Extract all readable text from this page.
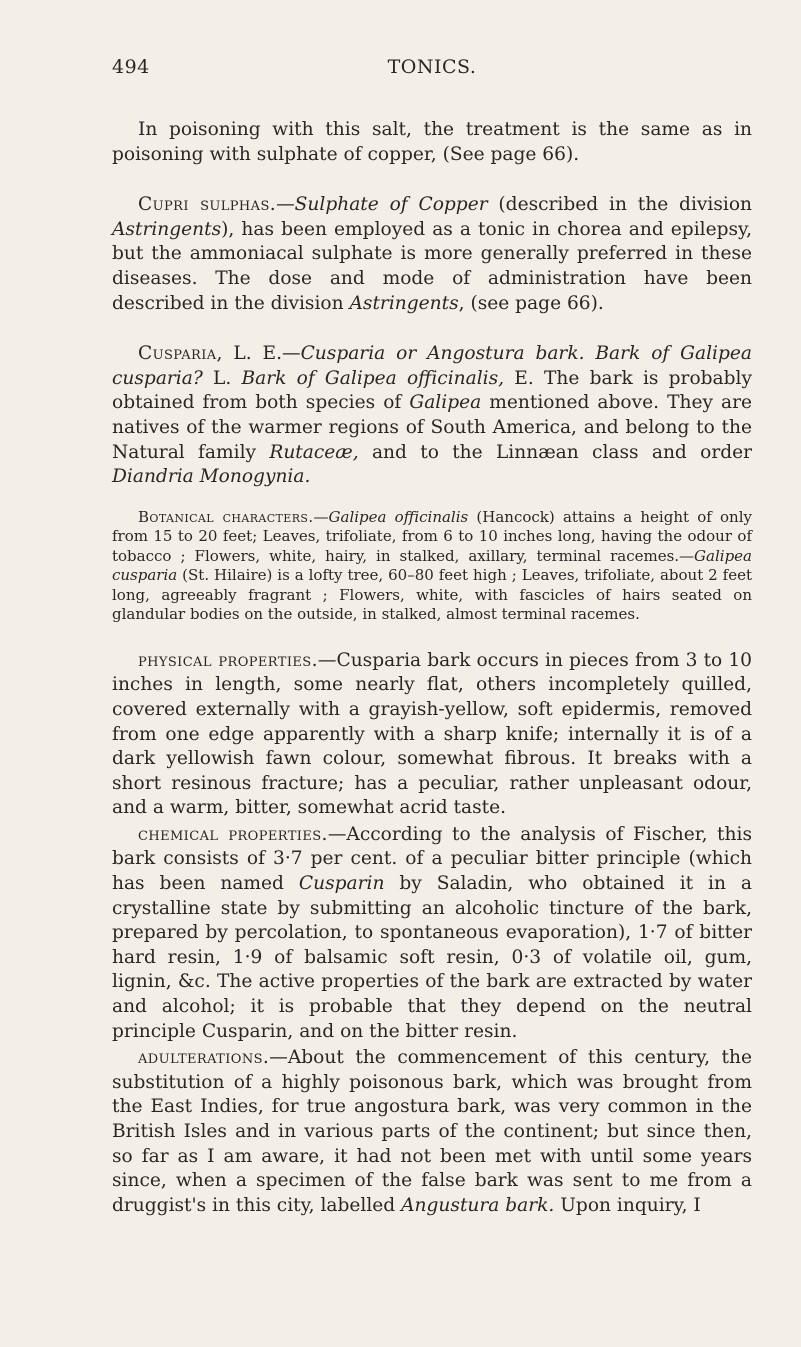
494	TONICS.

In poisoning with this salt, the treatment is the same as in poisoning with sulphate of copper, (See page 66).

Cupri sulphas.—Sulphate of Copper (described in the division Astringents), has been employed as a tonic in chorea and epilepsy, but the ammoniacal sulphate is more generally preferred in these diseases. The dose and mode of administration have been described in the division Astringents, (see page 66).

Cusparia, L. E.—Cusparia or Angostura bark. Bark of Galipea cusparia? L. Bark of Galipea officinalis, E. The bark is probably obtained from both species of Galipea mentioned above. They are natives of the warmer regions of South America, and belong to the Natural family Rutaceæ, and to the Linnæan class and order Diandria Monogynia.

Botanical characters.—Galipea officinalis (Hancock) attains a height of only from 15 to 20 feet; Leaves, trifoliate, from 6 to 10 inches long, having the odour of tobacco ; Flowers, white, hairy, in stalked, axillary, terminal racemes.—Galipea cusparia (St. Hilaire) is a lofty tree, 60–80 feet high ; Leaves, trifoliate, about 2 feet long, agreeably fragrant ; Flowers, white, with fascicles of hairs seated on glandular bodies on the outside, in stalked, almost terminal racemes.

physical properties.—Cusparia bark occurs in pieces from 3 to 10 inches in length, some nearly flat, others incompletely quilled, covered externally with a grayish-yellow, soft epidermis, removed from one edge apparently with a sharp knife; internally it is of a dark yellowish fawn colour, somewhat fibrous. It breaks with a short resinous fracture; has a peculiar, rather unpleasant odour, and a warm, bitter, somewhat acrid taste.

chemical properties.—According to the analysis of Fischer, this bark consists of 3·7 per cent. of a peculiar bitter principle (which has been named Cusparin by Saladin, who obtained it in a crystalline state by submitting an alcoholic tincture of the bark, prepared by percolation, to spontaneous evaporation), 1·7 of bitter hard resin, 1·9 of balsamic soft resin, 0·3 of volatile oil, gum, lignin, &c. The active properties of the bark are extracted by water and alcohol; it is probable that they depend on the neutral principle Cusparin, and on the bitter resin.

adulterations.—About the commencement of this century, the substitution of a highly poisonous bark, which was brought from the East Indies, for true angostura bark, was very common in the British Isles and in various parts of the continent; but since then, so far as I am aware, it had not been met with until some years since, when a specimen of the false bark was sent to me from a druggist's in this city, labelled Angustura bark. Upon inquiry, I
